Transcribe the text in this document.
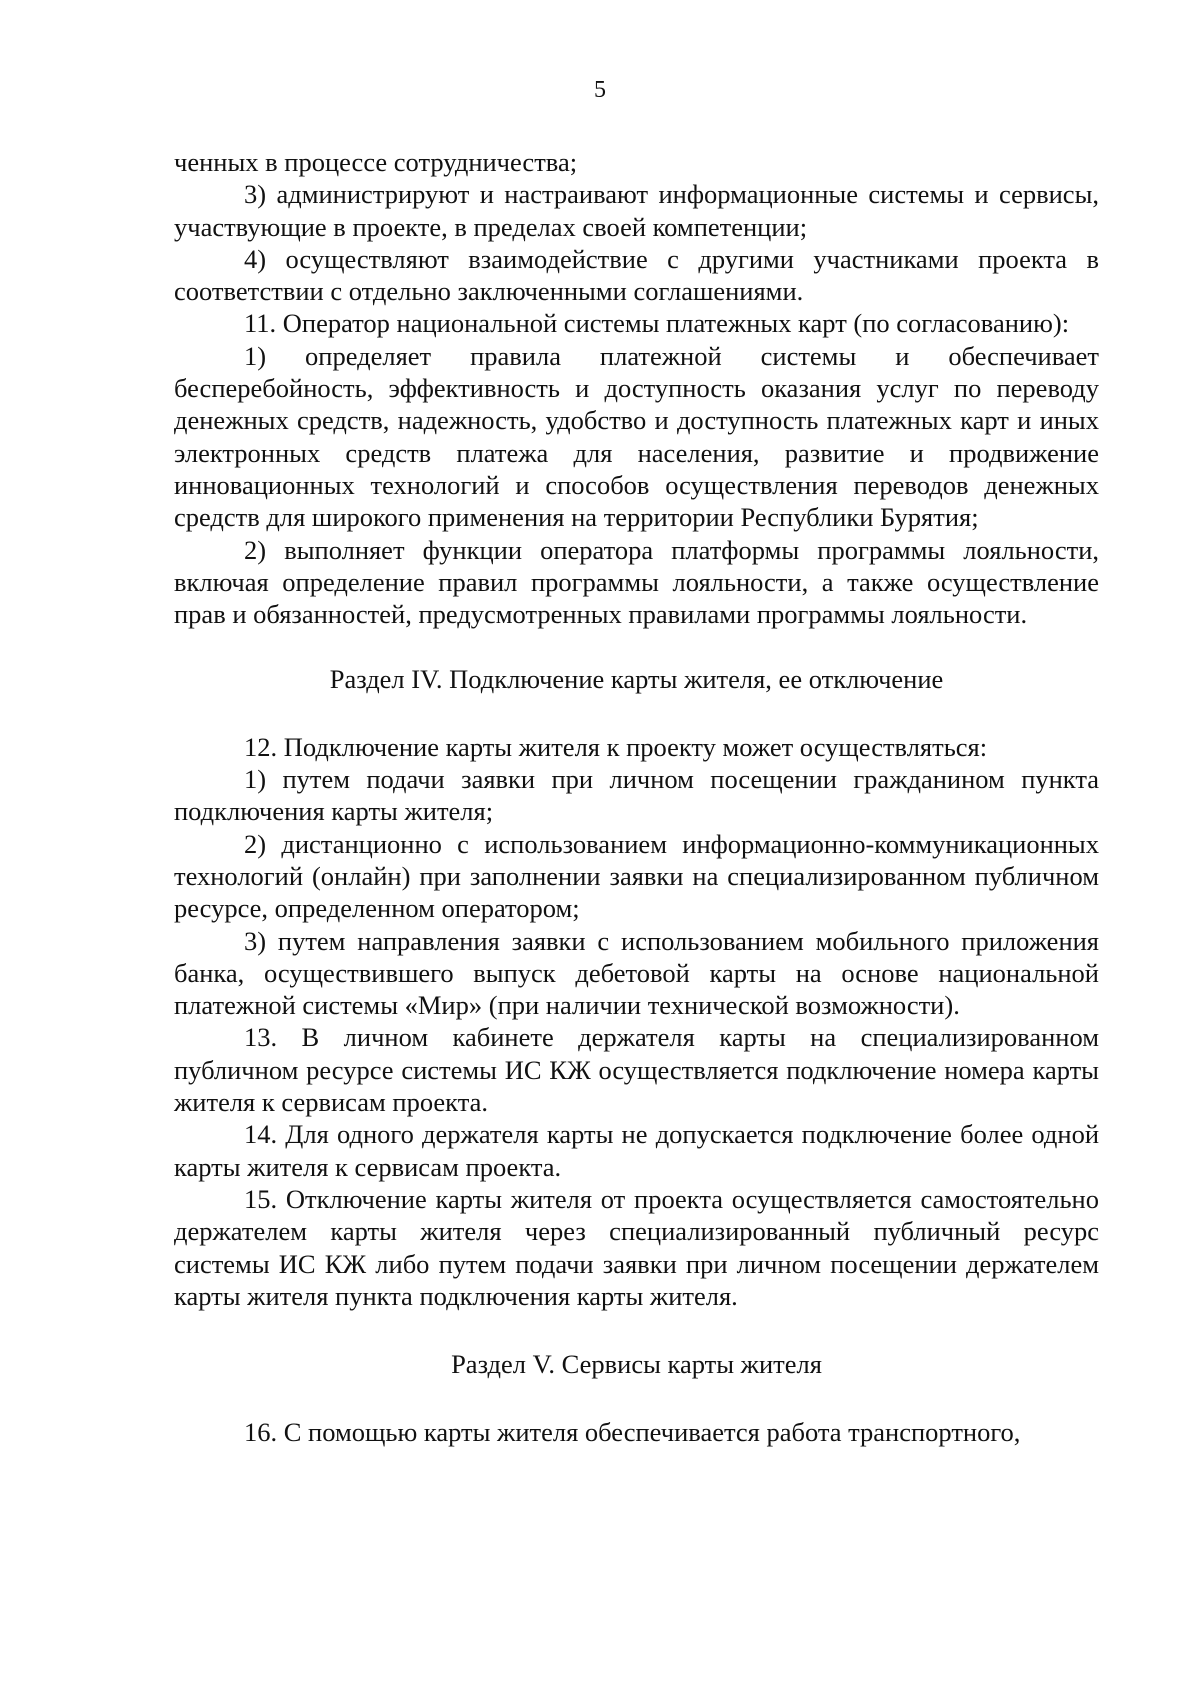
5

ченных в процессе сотрудничества;

3) администрируют и настраивают информационные системы и сервисы, участвующие в проекте, в пределах своей компетенции;

4) осуществляют взаимодействие с другими участниками проекта в соответствии с отдельно заключенными соглашениями.

11. Оператор национальной системы платежных карт (по согласованию):

1) определяет правила платежной системы и обеспечивает бесперебойность, эффективность и доступность оказания услуг по переводу денежных средств, надежность, удобство и доступность платежных карт и иных электронных средств платежа для населения, развитие и продвижение инновационных технологий и способов осуществления переводов денежных средств для широкого применения на территории Республики Бурятия;

2) выполняет функции оператора платформы программы лояльности, включая определение правил программы лояльности, а также осуществление прав и обязанностей, предусмотренных правилами программы лояльности.

Раздел IV. Подключение карты жителя, ее отключение

12. Подключение карты жителя к проекту может осуществляться:

1) путем подачи заявки при личном посещении гражданином пункта подключения карты жителя;

2) дистанционно с использованием информационно-коммуникационных технологий (онлайн) при заполнении заявки на специализированном публичном ресурсе, определенном оператором;

3) путем направления заявки с использованием мобильного приложения банка, осуществившего выпуск дебетовой карты на основе национальной платежной системы «Мир» (при наличии технической возможности).

13. В личном кабинете держателя карты на специализированном публичном ресурсе системы ИС КЖ осуществляется подключение номера карты жителя к сервисам проекта.

14. Для одного держателя карты не допускается подключение более одной карты жителя к сервисам проекта.

15. Отключение карты жителя от проекта осуществляется самостоятельно держателем карты жителя через специализированный публичный ресурс системы ИС КЖ либо путем подачи заявки при личном посещении держателем карты жителя пункта подключения карты жителя.

Раздел V. Сервисы карты жителя

16. С помощью карты жителя обеспечивается работа транспортного,
